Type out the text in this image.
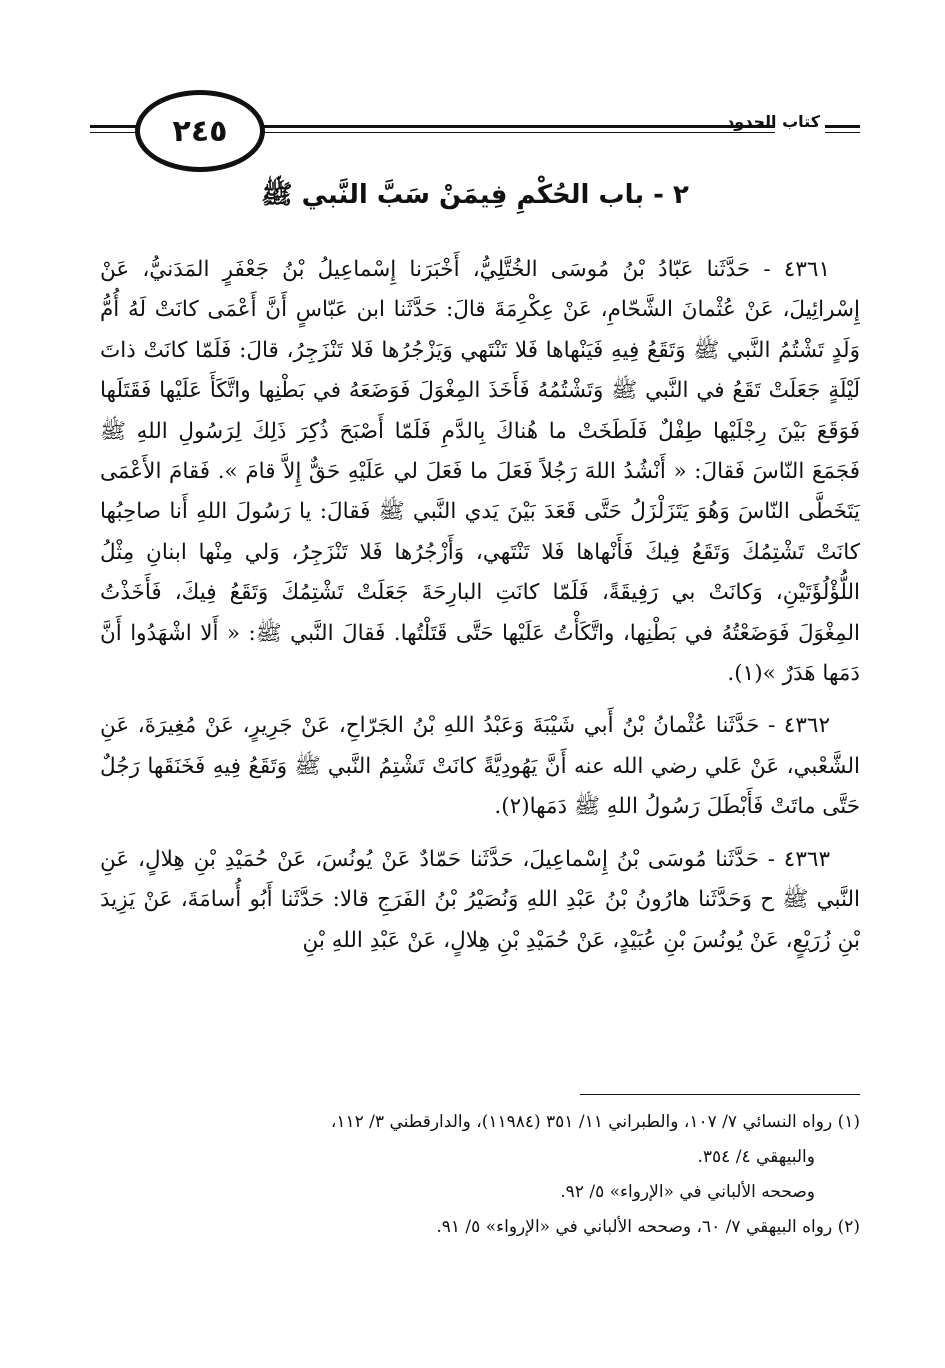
٢٤٥	كتاب الحدود
٢ - باب الحُكْمِ فِيمَنْ سَبَّ النَّبي ﷺ

٤٣٦١ - حَدَّثَنا عَبّادُ بْنُ مُوسَى الخُتَّلِيُّ، أَخْبَرَنا إِسْماعِيلُ بْنُ جَعْفَرٍ المَدَنيُّ، عَنْ إِسْرائِيلَ، عَنْ عُثْمانَ الشَّحّامِ، عَنْ عِكْرِمَةَ قالَ: حَدَّثَنا ابن عَبّاسٍ أَنَّ أَعْمَى كانَتْ لَهُ أُمُّ وَلَدٍ تَشْتُمُ النَّبي ﷺ وَتَقَعُ فِيهِ فَيَنْهاها فَلا تَنْتَهي وَيَزْجُرُها فَلا تَنْزَجِرُ، قالَ: فَلَمّا كانَتْ ذاتَ لَيْلَةٍ جَعَلَتْ تَقَعُ في النَّبي ﷺ وَتَشْتُمُهُ فَأَخَذَ المِغْوَلَ فَوَضَعَهُ في بَطْنِها واتَّكَأَ عَلَيْها فَقَتَلَها فَوَقَعَ بَيْنَ رِجْلَيْها طِفْلٌ فَلَطَخَتْ ما هُناكَ بِالدَّمِ فَلَمّا أَصْبَحَ ذُكِرَ ذَلِكَ لِرَسُولِ اللهِ ﷺ فَجَمَعَ النّاسَ فَقالَ: « أَنْشُدُ اللهَ رَجُلاً فَعَلَ ما فَعَلَ لي عَلَيْهِ حَقٌّ إِلاَّ قامَ ». فَقامَ الأَعْمَى يَتَخَطَّى النّاسَ وَهُوَ يَتَزَلْزَلُ حَتَّى قَعَدَ بَيْنَ يَدي النَّبي ﷺ فَقالَ: يا رَسُولَ اللهِ أَنا صاحِبُها كانَتْ تَشْتِمُكَ وَتَقَعُ فِيكَ فَأَنْهاها فَلا تَنْتَهي، وَأَزْجُرُها فَلا تَنْزَجِرُ، وَلي مِنْها ابنانِ مِثْلُ اللُّؤْلُؤَتَيْنِ، وَكانَتْ بي رَفِيقَةً، فَلَمّا كانَتِ البارِحَةَ جَعَلَتْ تَشْتِمُكَ وَتَقَعُ فِيكَ، فَأَخَذْتُ المِغْوَلَ فَوَضَعْتُهُ في بَطْنِها، واتَّكَأْتُ عَلَيْها حَتَّى قَتَلْتُها. فَقالَ النَّبي ﷺ: « أَلا اشْهَدُوا أَنَّ دَمَها هَدَرٌ »(١).

٤٣٦٢ - حَدَّثَنا عُثْمانُ بْنُ أَبي شَيْبَةَ وَعَبْدُ اللهِ بْنُ الجَرّاحِ، عَنْ جَرِيرٍ، عَنْ مُغِيرَةَ، عَنِ الشَّعْبي، عَنْ عَلي رضي الله عنه أَنَّ يَهُودِيَّةً كانَتْ تَشْتِمُ النَّبي ﷺ وَتَقَعُ فِيهِ فَخَنَقَها رَجُلٌ حَتَّى ماتَتْ فَأَبْطَلَ رَسُولُ اللهِ ﷺ دَمَها(٢).

٤٣٦٣ - حَدَّثَنا مُوسَى بْنُ إِسْماعِيلَ، حَدَّثَنا حَمّادٌ عَنْ يُونُسَ، عَنْ حُمَيْدِ بْنِ هِلالٍ، عَنِ النَّبي ﷺ ح وَحَدَّثَنا هارُونُ بْنُ عَبْدِ اللهِ وَنُصَيْرُ بْنُ الفَرَجِ قالا: حَدَّثَنا أَبُو أُسامَةَ، عَنْ يَزِيدَ بْنِ زُرَيْعٍ، عَنْ يُونُسَ بْنِ عُبَيْدٍ، عَنْ حُمَيْدِ بْنِ هِلالٍ، عَنْ عَبْدِ اللهِ بْنِ

(١) رواه النسائي ٧/ ١٠٧، والطبراني ١١/ ٣٥١ (١١٩٨٤)، والدارقطني ٣/ ١١٢،

والبيهقي ٤/ ٣٥٤.

وصححه الألباني في «الإرواء» ٥/ ٩٢.

(٢) رواه البيهقي ٧/ ٦٠، وصححه الألباني في «الإرواء» ٥/ ٩١.
